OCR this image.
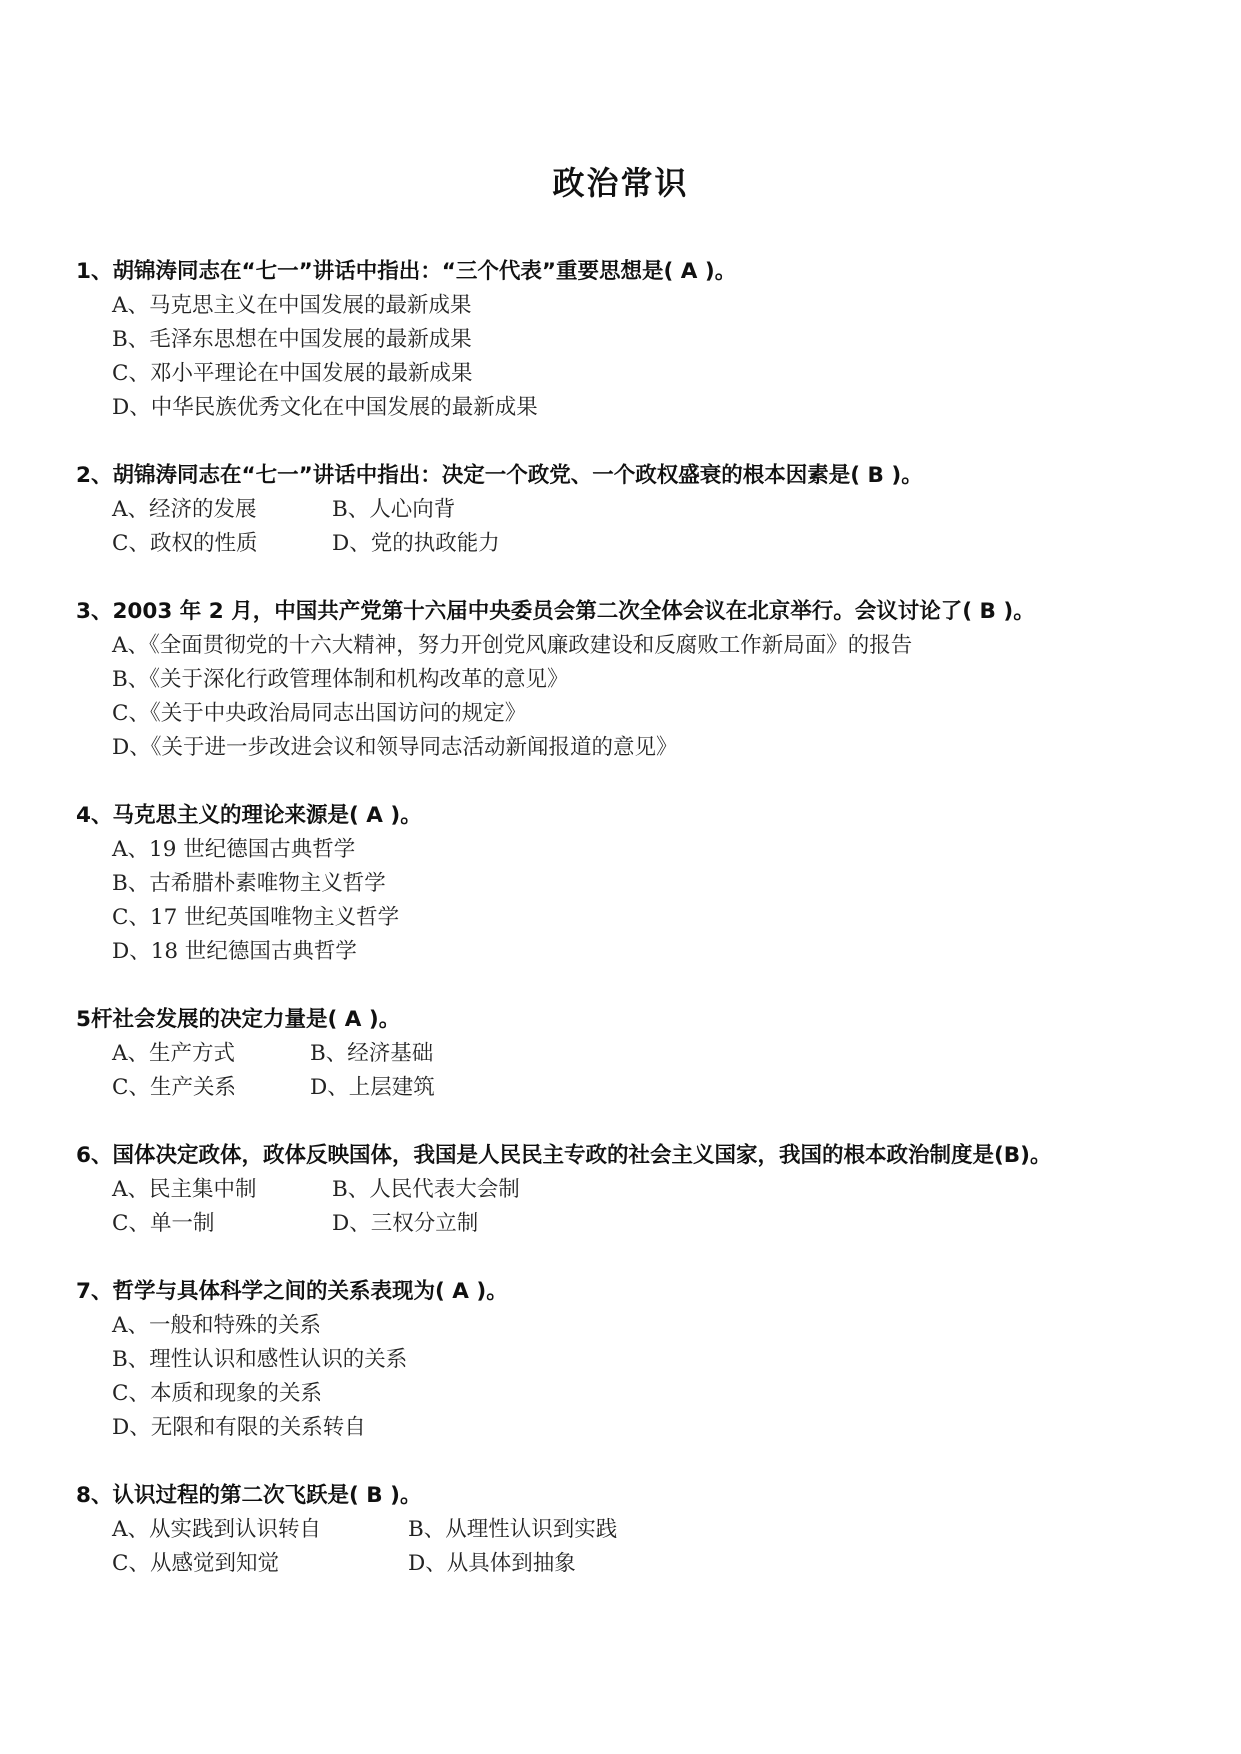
政治常识
1、胡锦涛同志在“七一”讲话中指出：“三个代表”重要思想是( A )。
A、马克思主义在中国发展的最新成果
B、毛泽东思想在中国发展的最新成果
C、邓小平理论在中国发展的最新成果
D、中华民族优秀文化在中国发展的最新成果
2、胡锦涛同志在“七一”讲话中指出：决定一个政党、一个政权盛衰的根本因素是( B )。
A、经济的发展	B、人心向背
C、政权的性质	D、党的执政能力
3、2003 年 2 月，中国共产党第十六届中央委员会第二次全体会议在北京举行。会议讨论了( B )。
A、《全面贯彻党的十六大精神，努力开创党风廉政建设和反腐败工作新局面》的报告
B、《关于深化行政管理体制和机构改革的意见》
C、《关于中央政治局同志出国访问的规定》
D、《关于进一步改进会议和领导同志活动新闻报道的意见》
4、马克思主义的理论来源是( A )。
A、19 世纪德国古典哲学
B、古希腊朴素唯物主义哲学
C、17 世纪英国唯物主义哲学
D、18 世纪德国古典哲学
5杆社会发展的决定力量是( A )。
A、生产方式	B、经济基础
C、生产关系	D、上层建筑
6、国体决定政体，政体反映国体，我国是人民民主专政的社会主义国家，我国的根本政治制度是(B)。
A、民主集中制	B、人民代表大会制
C、单一制	D、三权分立制
7、哲学与具体科学之间的关系表现为( A )。
A、一般和特殊的关系
B、理性认识和感性认识的关系
C、本质和现象的关系
D、无限和有限的关系转自
8、认识过程的第二次飞跃是( B )。
A、从实践到认识转自	B、从理性认识到实践
C、从感觉到知觉	D、从具体到抽象
